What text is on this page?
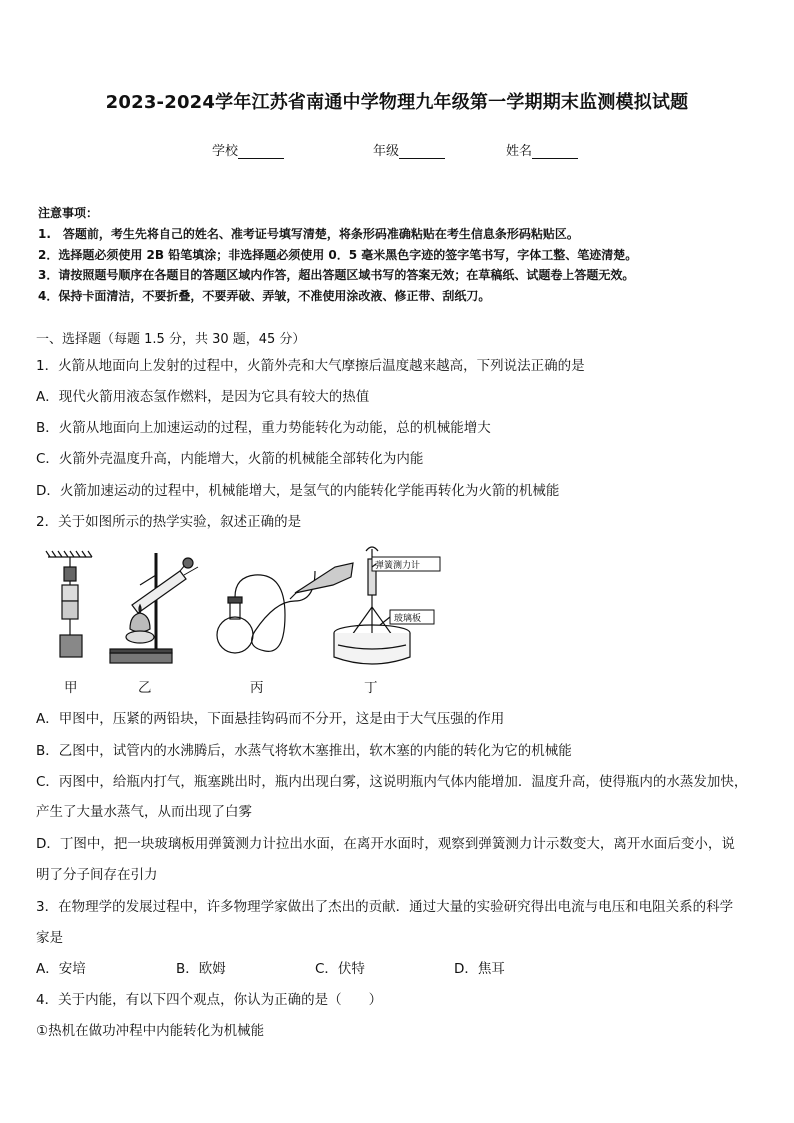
2023-2024学年江苏省南通中学物理九年级第一学期期末监测模拟试题
学校	年级	姓名
注意事项：
1.　答题前，考生先将自己的姓名、准考证号填写清楚，将条形码准确粘贴在考生信息条形码粘贴区。
2．选择题必须使用 2B 铅笔填涂；非选择题必须使用 0．5 毫米黑色字迹的签字笔书写，字体工整、笔迹清楚。
3．请按照题号顺序在各题目的答题区域内作答，超出答题区域书写的答案无效；在草稿纸、试题卷上答题无效。
4．保持卡面清洁，不要折叠，不要弄破、弄皱，不准使用涂改液、修正带、刮纸刀。
一、选择题（每题 1.5 分，共 30 题，45 分）
1．火箭从地面向上发射的过程中，火箭外壳和大气摩擦后温度越来越高，下列说法正确的是
A．现代火箭用液态氢作燃料，是因为它具有较大的热值
B．火箭从地面向上加速运动的过程，重力势能转化为动能，总的机械能增大
C．火箭外壳温度升高，内能增大，火箭的机械能全部转化为内能
D．火箭加速运动的过程中，机械能增大，是氢气的内能转化学能再转化为火箭的机械能
2．关于如图所示的热学实验，叙述正确的是
弹簧测力计
玻璃板
甲	乙	丙	丁
A．甲图中，压紧的两铅块，下面悬挂钩码而不分开，这是由于大气压强的作用
B．乙图中，试管内的水沸腾后，水蒸气将软木塞推出，软木塞的内能的转化为它的机械能
C．丙图中，给瓶内打气，瓶塞跳出时，瓶内出现白雾，这说明瓶内气体内能增加．温度升高，使得瓶内的水蒸发加快，
产生了大量水蒸气，从而出现了白雾
D．丁图中，把一块玻璃板用弹簧测力计拉出水面，在离开水面时，观察到弹簧测力计示数变大，离开水面后变小，说
明了分子间存在引力
3．在物理学的发展过程中，许多物理学家做出了杰出的贡献．通过大量的实验研究得出电流与电压和电阻关系的科学
家是
A．安培	B．欧姆	C．伏特	D．焦耳
4．关于内能，有以下四个观点，你认为正确的是（　　）
①热机在做功冲程中内能转化为机械能
